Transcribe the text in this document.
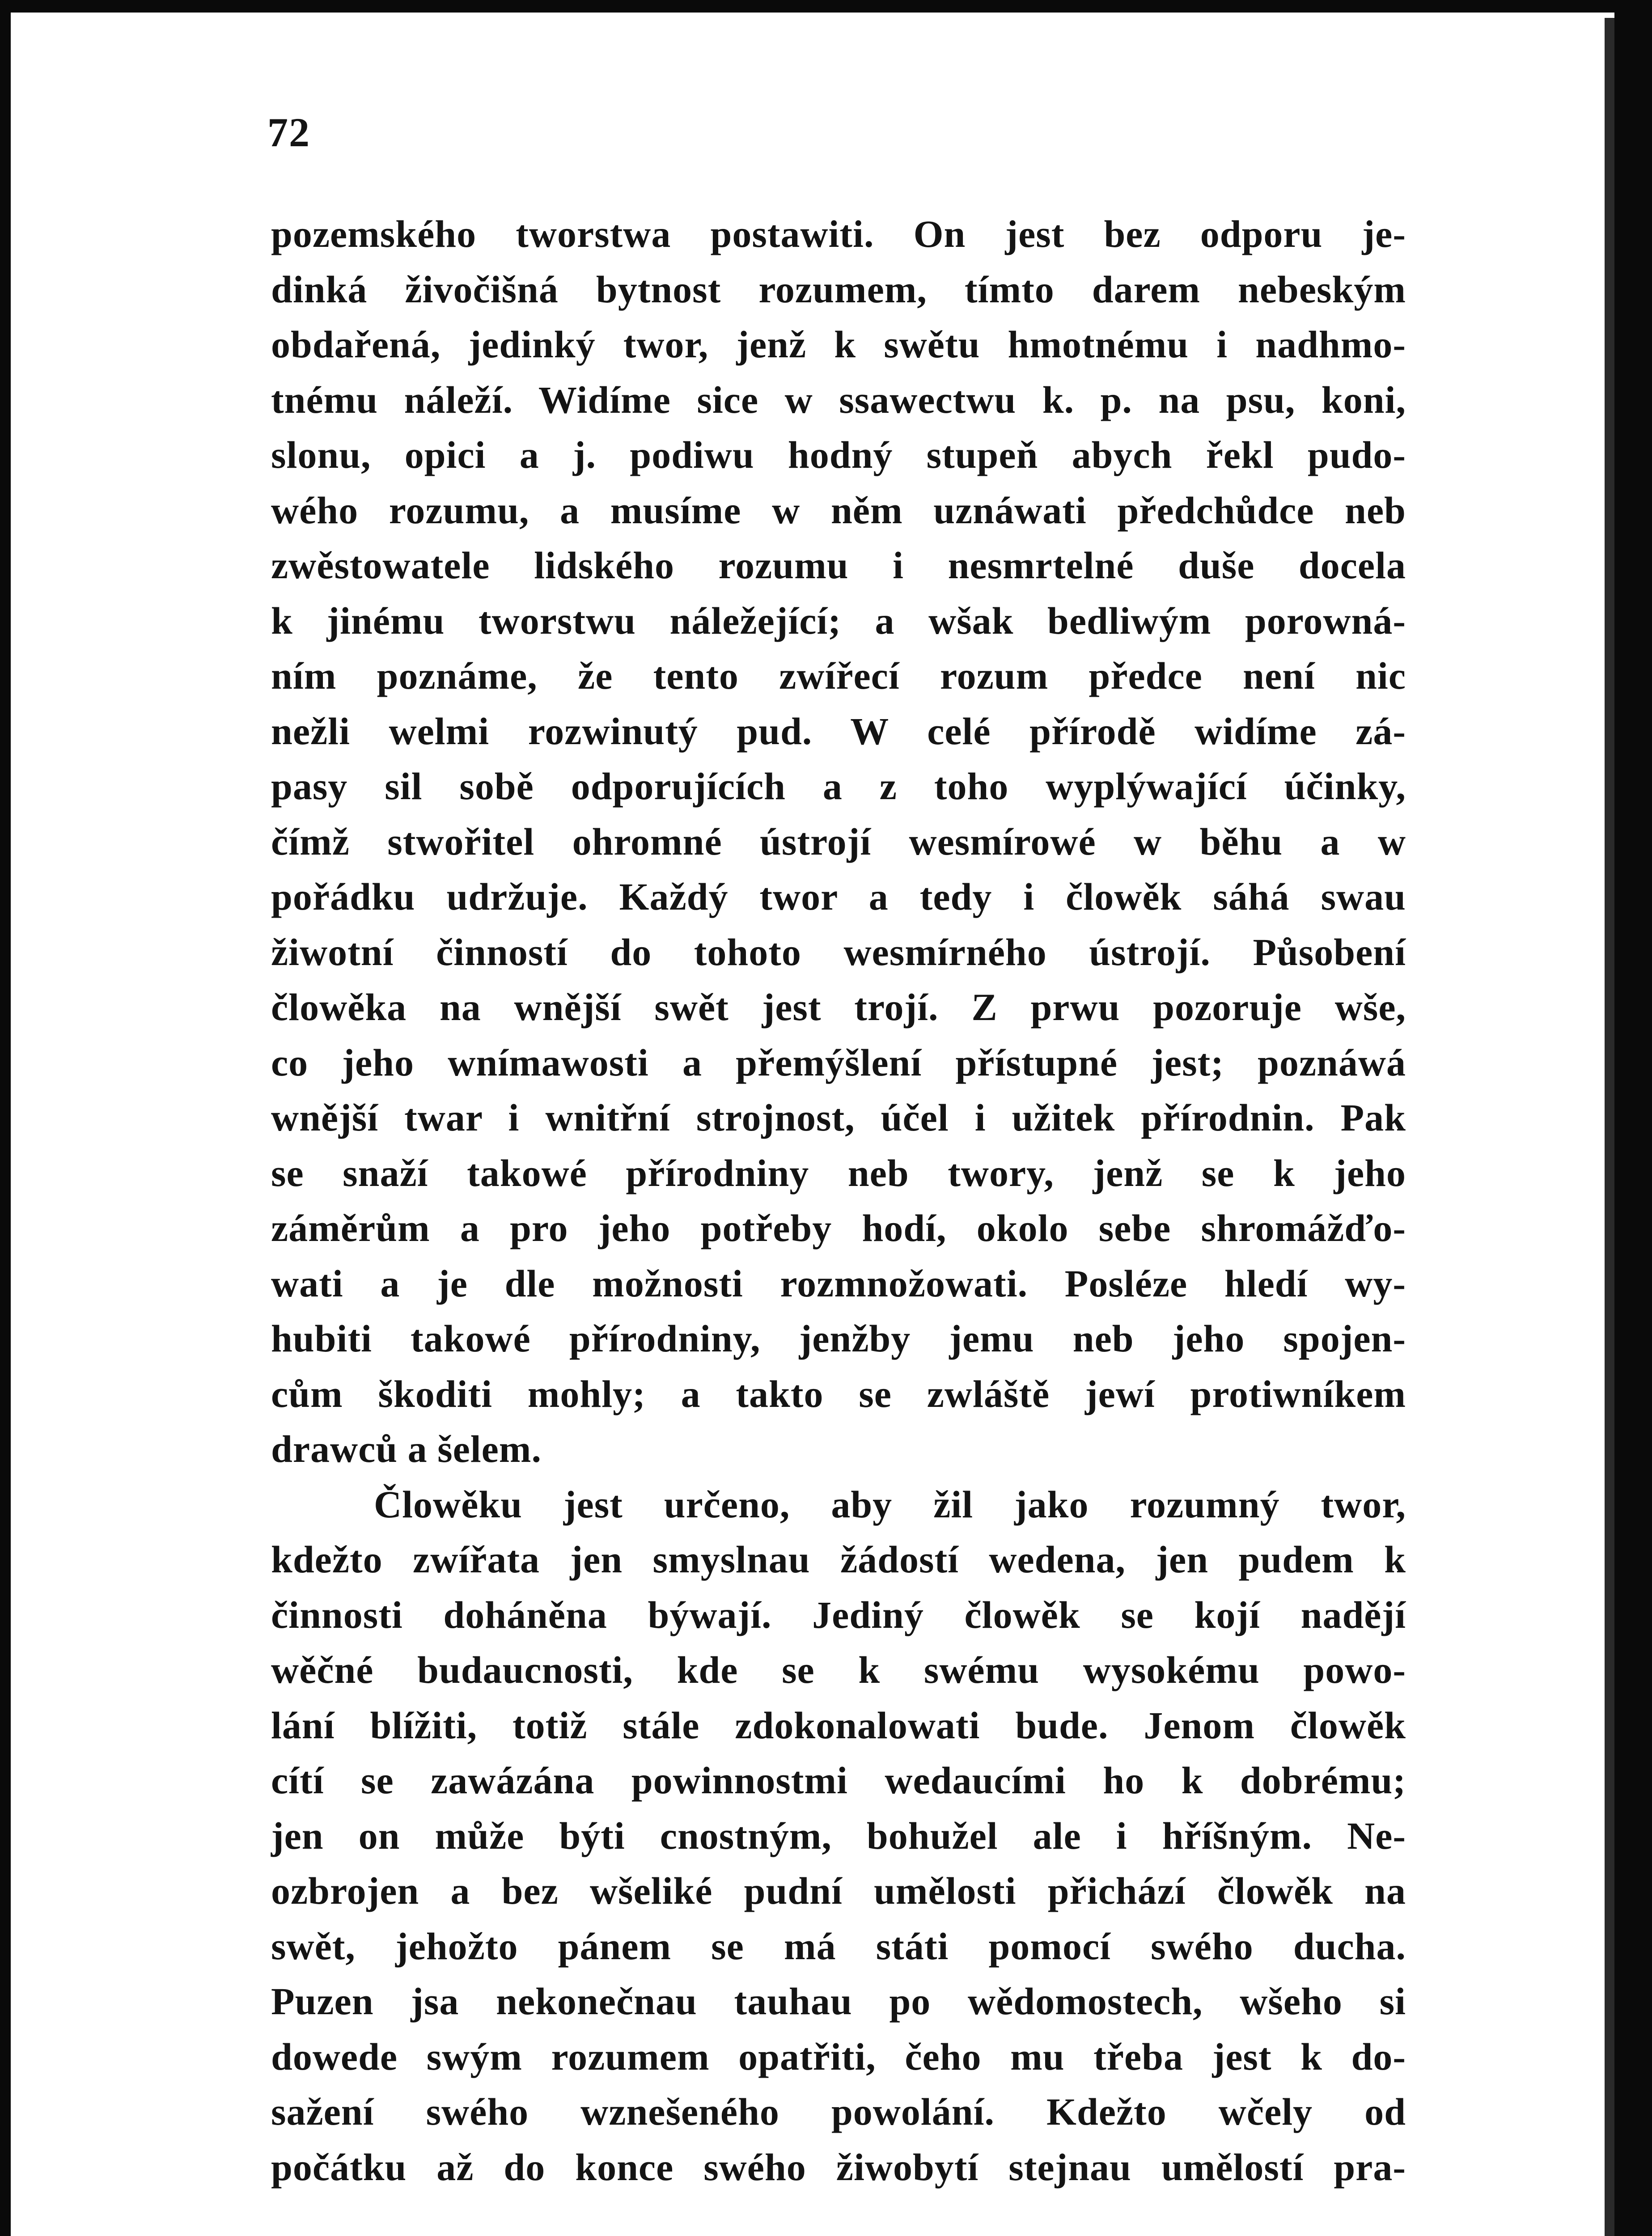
72
pozemského tworstwa postawiti. On jest bez odporu je-
dinká živočišná bytnost rozumem, tímto darem nebeským
obdařená, jedinký twor, jenž k swětu hmotnému i nadhmo-
tnému náleží. Widíme sice w ssawectwu k. p. na psu, koni,
slonu, opici a j. podiwu hodný stupeň abych řekl pudo-
wého rozumu, a musíme w něm uznáwati předchůdce neb
zwěstowatele lidského rozumu i nesmrtelné duše docela
k jinému tworstwu náležející; a wšak bedliwým porowná-
ním poznáme, že tento zwířecí rozum předce není nic
nežli welmi rozwinutý pud. W celé přírodě widíme zá-
pasy sil sobě odporujících a z toho wyplýwající účinky,
čímž stwořitel ohromné ústrojí wesmírowé w běhu a w
pořádku udržuje. Každý twor a tedy i člowěk sáhá swau
žiwotní činností do tohoto wesmírného ústrojí. Působení
člowěka na wnější swět jest trojí. Z prwu pozoruje wše,
co jeho wnímawosti a přemýšlení přístupné jest; poznáwá
wnější twar i wnitřní strojnost, účel i užitek přírodnin. Pak
se snaží takowé přírodniny neb twory, jenž se k jeho
záměrům a pro jeho potřeby hodí, okolo sebe shromážďo-
wati a je dle možnosti rozmnožowati. Posléze hledí wy-
hubiti takowé přírodniny, jenžby jemu neb jeho spojen-
cům škoditi mohly; a takto se zwláště jewí protiwníkem
drawců a šelem.
Člowěku jest určeno, aby žil jako rozumný twor,
kdežto zwířata jen smyslnau žádostí wedena, jen pudem k
činnosti doháněna býwají. Jediný člowěk se kojí nadějí
wěčné budaucnosti, kde se k swému wysokému powo-
lání blížiti, totiž stále zdokonalowati bude. Jenom člowěk
cítí se zawázána powinnostmi wedaucími ho k dobrému;
jen on může býti cnostným, bohužel ale i hříšným. Ne-
ozbrojen a bez wšeliké pudní umělosti přichází člowěk na
swět, jehožto pánem se má státi pomocí swého ducha.
Puzen jsa nekonečnau tauhau po wědomostech, wšeho si
dowede swým rozumem opatřiti, čeho mu třeba jest k do-
sažení swého wznešeného powolání. Kdežto wčely od
počátku až do konce swého žiwobytí stejnau umělostí pra-
